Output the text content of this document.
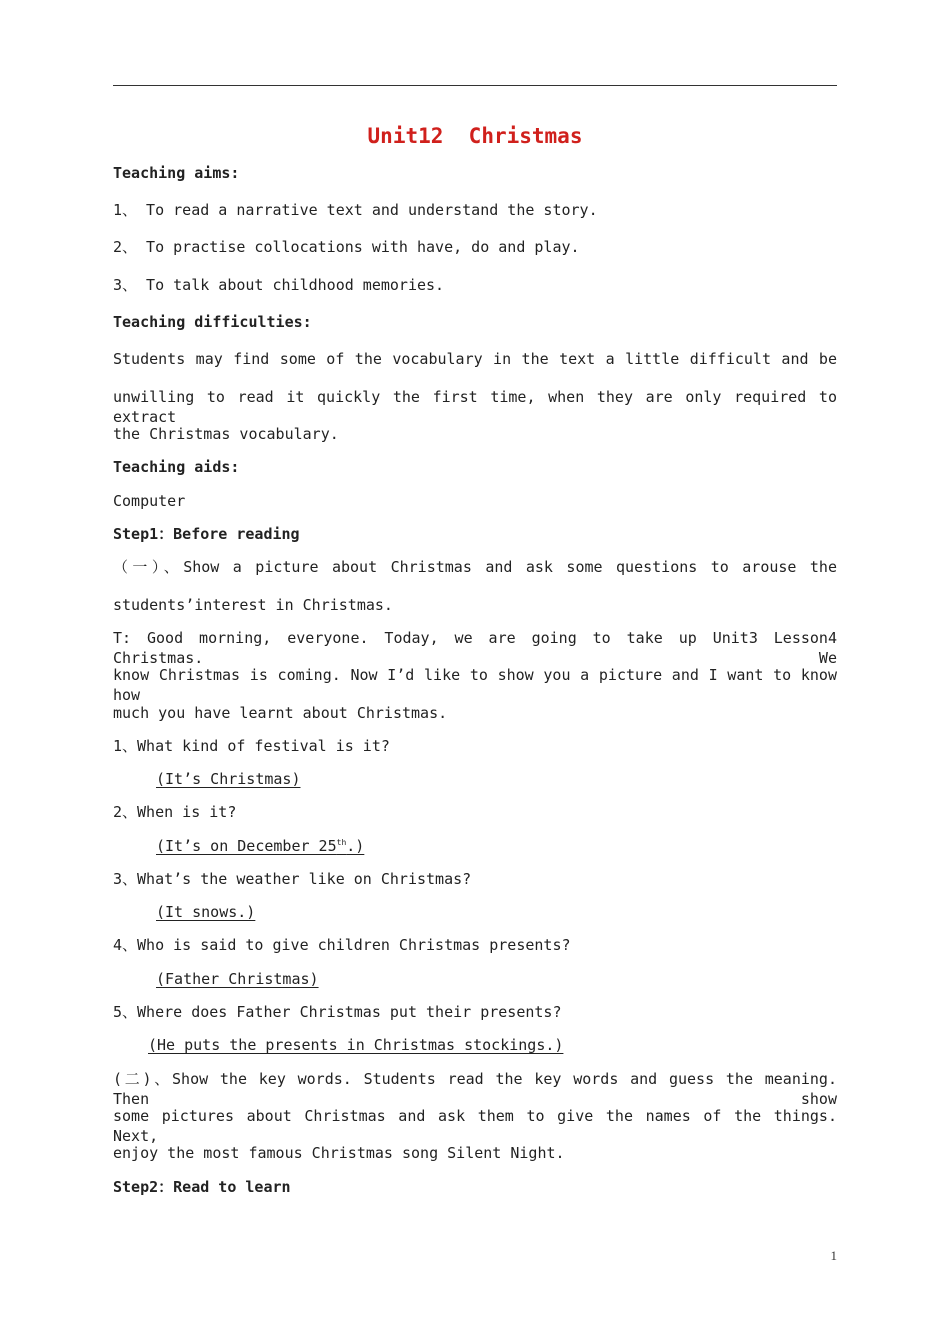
Unit12  Christmas
Teaching aims:
1、 To read a narrative text and understand the story.
2、 To practise collocations with have, do and play.
3、 To talk about childhood memories.
Teaching difficulties:
Students may find some of the vocabulary in the text a little difficult and be
unwilling to read it quickly the first time, when they are only required to extract
the Christmas vocabulary.
Teaching aids:
Computer
Step1：Before reading
（一）、Show a picture about Christmas and ask some questions to arouse the
students’interest in Christmas.
T: Good morning, everyone. Today, we are going to take up Unit3 Lesson4 Christmas. We
know Christmas is coming. Now I’d like to show you a picture and I want to know how
much you have learnt about Christmas.
1、What kind of festival is it?
(It’s Christmas)
2、When is it?
(It’s on December 25th.)
3、What’s the weather like on Christmas?
(It snows.)
4、Who is said to give children Christmas presents?
(Father Christmas)
5、Where does Father Christmas put their presents?
(He puts the presents in Christmas stockings.)
(二)、Show the key words. Students read the key words and guess the meaning. Then show
some pictures about Christmas and ask them to give the names of the things. Next,
enjoy the most famous Christmas song Silent Night.
Step2：Read to learn
1
